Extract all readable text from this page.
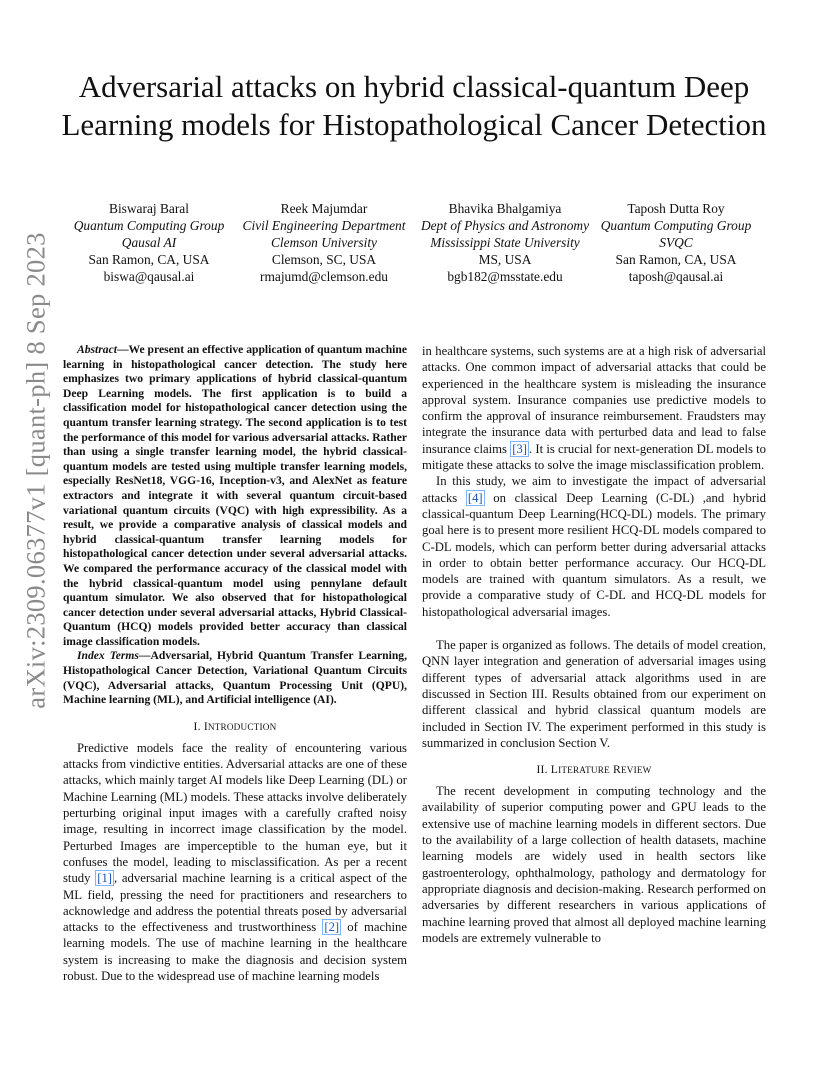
arXiv:2309.06377v1 [quant-ph] 8 Sep 2023
Adversarial attacks on hybrid classical-quantum Deep Learning models for Histopathological Cancer Detection
Biswaraj Baral
Quantum Computing Group
Qausal AI
San Ramon, CA, USA
biswa@qausal.ai
Reek Majumdar
Civil Engineering Department
Clemson University
Clemson, SC, USA
rmajumd@clemson.edu
Bhavika Bhalgamiya
Dept of Physics and Astronomy
Mississippi State University
MS, USA
bgb182@msstate.edu
Taposh Dutta Roy
Quantum Computing Group
SVQC
San Ramon, CA, USA
taposh@qausal.ai

Abstract—We present an effective application of quantum machine learning in histopathological cancer detection. The study here emphasizes two primary applications of hybrid classical-quantum Deep Learning models. The first application is to build a classification model for histopathological cancer detection using the quantum transfer learning strategy. The second application is to test the performance of this model for various adversarial attacks. Rather than using a single transfer learning model, the hybrid classical-quantum models are tested using multiple transfer learning models, especially ResNet18, VGG-16, Inception-v3, and AlexNet as feature extractors and integrate it with several quantum circuit-based variational quantum circuits (VQC) with high expressibility. As a result, we provide a comparative analysis of classical models and hybrid classical-quantum transfer learning models for histopathological cancer detection under several adversarial attacks. We compared the performance accuracy of the classical model with the hybrid classical-quantum model using pennylane default quantum simulator. We also observed that for histopathological cancer detection under several adversarial attacks, Hybrid Classical-Quantum (HCQ) models provided better accuracy than classical image classification models.

Index Terms—Adversarial, Hybrid Quantum Transfer Learning, Histopathological Cancer Detection, Variational Quantum Circuits (VQC), Adversarial attacks, Quantum Processing Unit (QPU), Machine learning (ML), and Artificial intelligence (AI).

I. INTRODUCTION

Predictive models face the reality of encountering various attacks from vindictive entities. Adversarial attacks are one of these attacks, which mainly target AI models like Deep Learning (DL) or Machine Learning (ML) models. These attacks involve deliberately perturbing original input images with a carefully crafted noisy image, resulting in incorrect image classification by the model. Perturbed Images are imperceptible to the human eye, but it confuses the model, leading to misclassification. As per a recent study [1] , adversarial machine learning is a critical aspect of the ML field, pressing the need for practitioners and researchers to acknowledge and address the potential threats posed by adversarial attacks to the effectiveness and trustworthiness [2] of machine learning models. The use of machine learning in the healthcare system is increasing to make the diagnosis and decision system robust. Due to the widespread use of machine learning models

in healthcare systems, such systems are at a high risk of adversarial attacks. One common impact of adversarial attacks that could be experienced in the healthcare system is misleading the insurance approval system. Insurance companies use predictive models to confirm the approval of insurance reimbursement. Fraudsters may integrate the insurance data with perturbed data and lead to false insurance claims [3] . It is crucial for next-generation DL models to mitigate these attacks to solve the image misclassification problem.

In this study, we aim to investigate the impact of adversarial attacks [4] on classical Deep Learning (C-DL) ,and hybrid classical-quantum Deep Learning(HCQ-DL) models. The primary goal here is to present more resilient HCQ-DL models compared to C-DL models, which can perform better during adversarial attacks in order to obtain better performance accuracy. Our HCQ-DL models are trained with quantum simulators. As a result, we provide a comparative study of C-DL and HCQ-DL models for histopathological adversarial images.

The paper is organized as follows. The details of model creation, QNN layer integration and generation of adversarial images using different types of adversarial attack algorithms used in are discussed in Section III. Results obtained from our experiment on different classical and hybrid classical quantum models are included in Section IV. The experiment performed in this study is summarized in conclusion Section V.

II. LITERATURE REVIEW

The recent development in computing technology and the availability of superior computing power and GPU leads to the extensive use of machine learning models in different sectors. Due to the availability of a large collection of health datasets, machine learning models are widely used in health sectors like gastroenterology, ophthalmology, pathology and dermatology for appropriate diagnosis and decision-making. Research performed on adversaries by different researchers in various applications of machine learning proved that almost all deployed machine learning models are extremely vulnerable to
